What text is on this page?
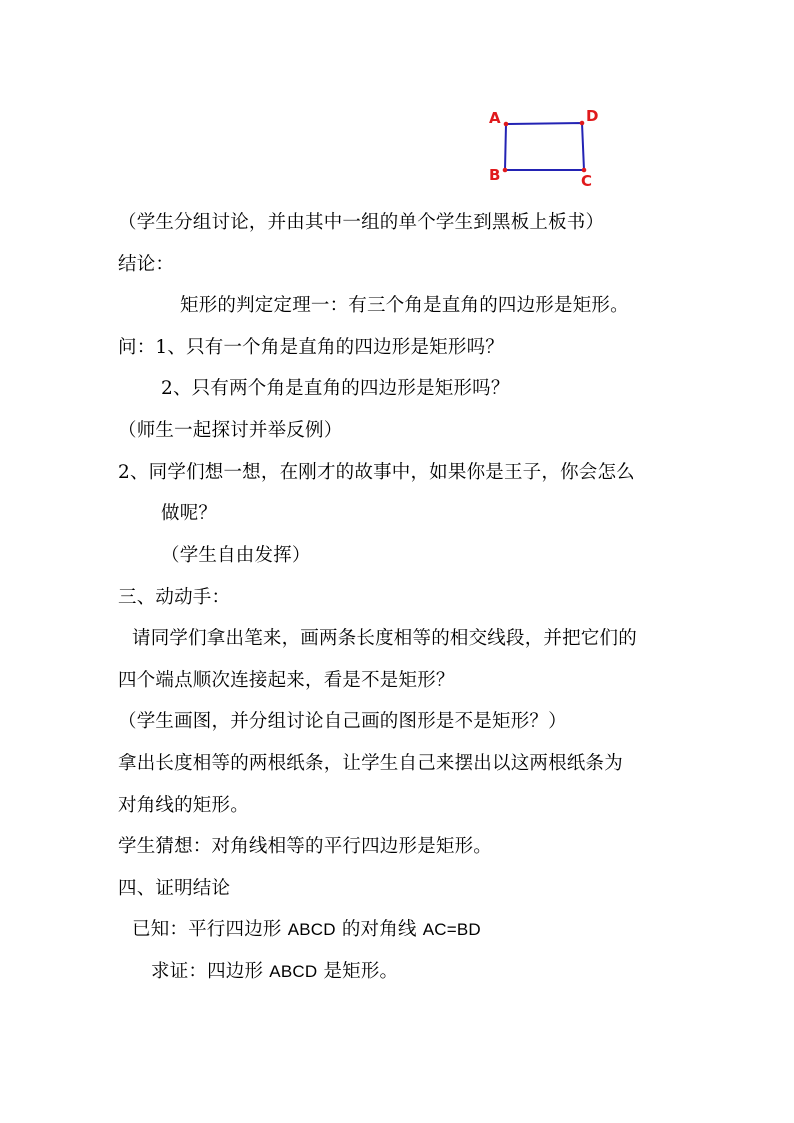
A	D
B	C
（学生分组讨论，并由其中一组的单个学生到黑板上板书）
结论：
矩形的判定定理一：有三个角是直角的四边形是矩形。
问：1、只有一个角是直角的四边形是矩形吗？
2、只有两个角是直角的四边形是矩形吗？
（师生一起探讨并举反例）
2、同学们想一想，在刚才的故事中，如果你是王子，你会怎么
做呢？
（学生自由发挥）
三、动动手：
请同学们拿出笔来，画两条长度相等的相交线段，并把它们的
四个端点顺次连接起来，看是不是矩形？
（学生画图，并分组讨论自己画的图形是不是矩形？）
拿出长度相等的两根纸条，让学生自己来摆出以这两根纸条为
对角线的矩形。
学生猜想：对角线相等的平行四边形是矩形。
四、证明结论
已知：平行四边形 ABCD 的对角线 AC=BD
求证：四边形 ABCD 是矩形。
